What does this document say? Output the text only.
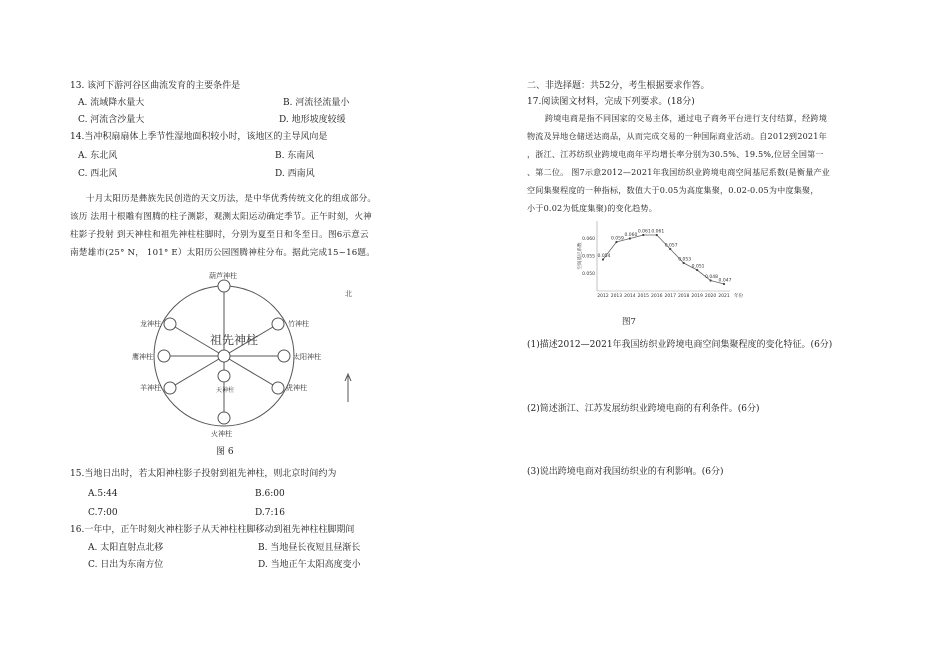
13. 该河下游河谷区曲流发育的主要条件是
A. 流域降水量大	B. 河流径流量小
C. 河流含沙量大	D. 地形坡度较缓
14.当冲积扇扇体上季节性湿地面积较小时，该地区的主导风向是
A. 东北风	B. 东南风
C. 西北风	D. 西南风
十月太阳历是彝族先民创造的天文历法，是中华优秀传统文化的组成部分。
该历 法用十根雕有图腾的柱子测影，观测太阳运动确定季节。正午时刻，火神
柱影子投射 到天神柱和祖先神柱柱脚时，分别为夏至日和冬至日。图6示意云
南楚雄市(25° N， 101° E）太阳历公园图腾神柱分布。据此完成15~16题。
北
祖先神柱
葫芦神柱
龙神柱	竹神柱
鹰神柱	太阳神柱
羊神柱	虎神柱
天神柱
火神柱
图 6
15.当地日出时，若太阳神柱影子投射到祖先神柱，则北京时间约为
A.5:44	B.6:00
C.7:00	D.7:16
16.一年中，正午时刻火神柱影子从天神柱柱脚移动到祖先神柱柱脚期间
A. 太阳直射点北移	B. 当地昼长夜短且昼渐长
C. 日出为东南方位	D. 当地正午太阳高度变小
二、非选择题：共52分，考生根据要求作答。
17.阅读图文材料，完成下列要求。(18分)
跨境电商是指不同国家的交易主体，通过电子商务平台进行支付结算，经跨境
物流及异地仓储送达商品，从而完成交易的一种国际商业活动。自2012到2021年
，浙江、江苏纺织业跨境电商年平均增长率分别为30.5%、19.5%,位居全国第一
、第二位。 图7示意2012—2021年我国纺织业跨境电商空间基尼系数(是衡量产业
空间集聚程度的一种指标，数值大于0.05为高度集聚，0.02-0.05为中度集聚，
小于0.02为低度集聚)的变化趋势。
0.050
0.055
0.060
2012 2013 2014 2015 2016 2017 2018 2019 2020 2021
0.054
0.059
0.060
0.061 0.061
0.057
0.053
0.051
0.048
0.047
空间基尼系数
年份
图7
(1)描述2012—2021年我国纺织业跨境电商空间集聚程度的变化特征。(6分)
(2)简述浙江、江苏发展纺织业跨境电商的有利条件。(6分)
(3)说出跨境电商对我国纺织业的有利影响。(6分)
